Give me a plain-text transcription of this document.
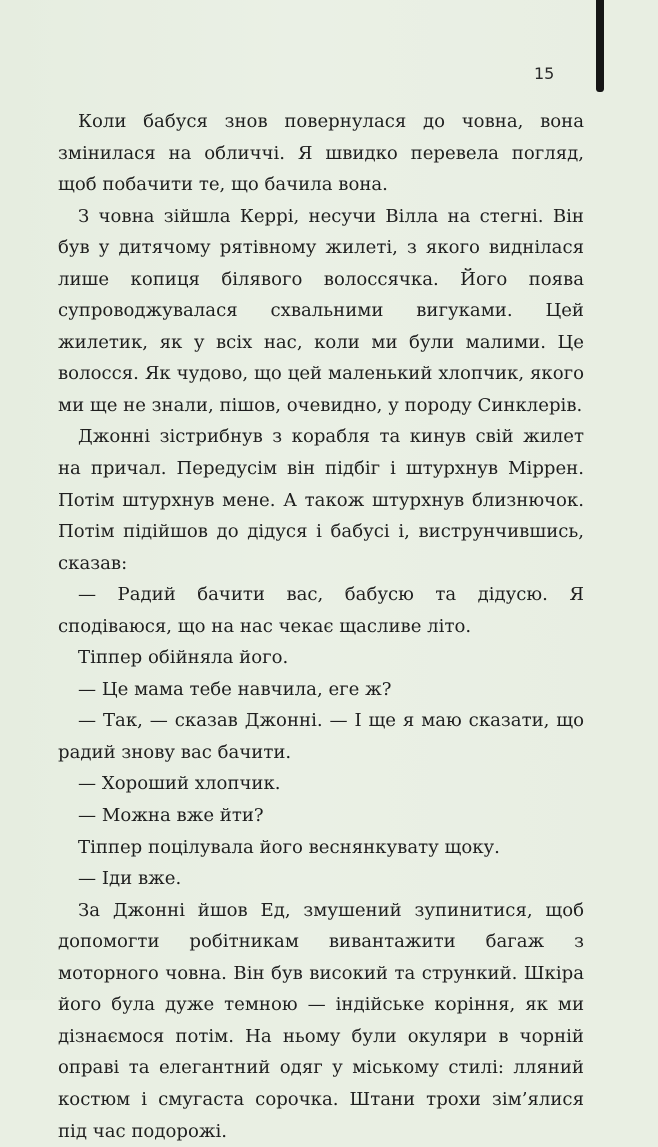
15

Коли бабуся знов повернулася до човна, вона змінилася на обличчі. Я швидко перевела погляд, щоб побачити те, що бачила вона.

З човна зійшла Керрі, несучи Вілла на стегні. Він був у дитячому рятівному жилеті, з якого виднілася лише копиця білявого волоссячка. Його поява супроводжувалася схвальними вигуками. Цей жилетик, як у всіх нас, коли ми були малими. Це волосся. Як чудово, що цей маленький хлопчик, якого ми ще не знали, пішов, очевидно, у породу Синклерів.

Джонні зістрибнув з корабля та кинув свій жилет на причал. Передусім він підбіг і штурхнув Міррен. Потім штурхнув мене. А також штурхнув близнючок. Потім підійшов до дідуся і бабусі і, виструнчившись, сказав:

— Радий бачити вас, бабусю та дідусю. Я сподіваюся, що на нас чекає щасливе літо.

Тіппер обійняла його.

— Це мама тебе навчила, еге ж?

— Так, — сказав Джонні. — І ще я маю сказати, що радий знову вас бачити.

— Хороший хлопчик.

— Можна вже йти?

Тіппер поцілувала його веснянкувату щоку.

— Іди вже.

За Джонні йшов Ед, змушений зупинитися, щоб допомогти робітникам вивантажити багаж з моторного човна. Він був високий та стрункий. Шкіра його була дуже темною — індійське коріння, як ми дізнаємося потім. На ньому були окуляри в чорній оправі та елегантний одяг у міському стилі: лляний костюм і смугаста сорочка. Штани трохи зім’ялися під час подорожі.
